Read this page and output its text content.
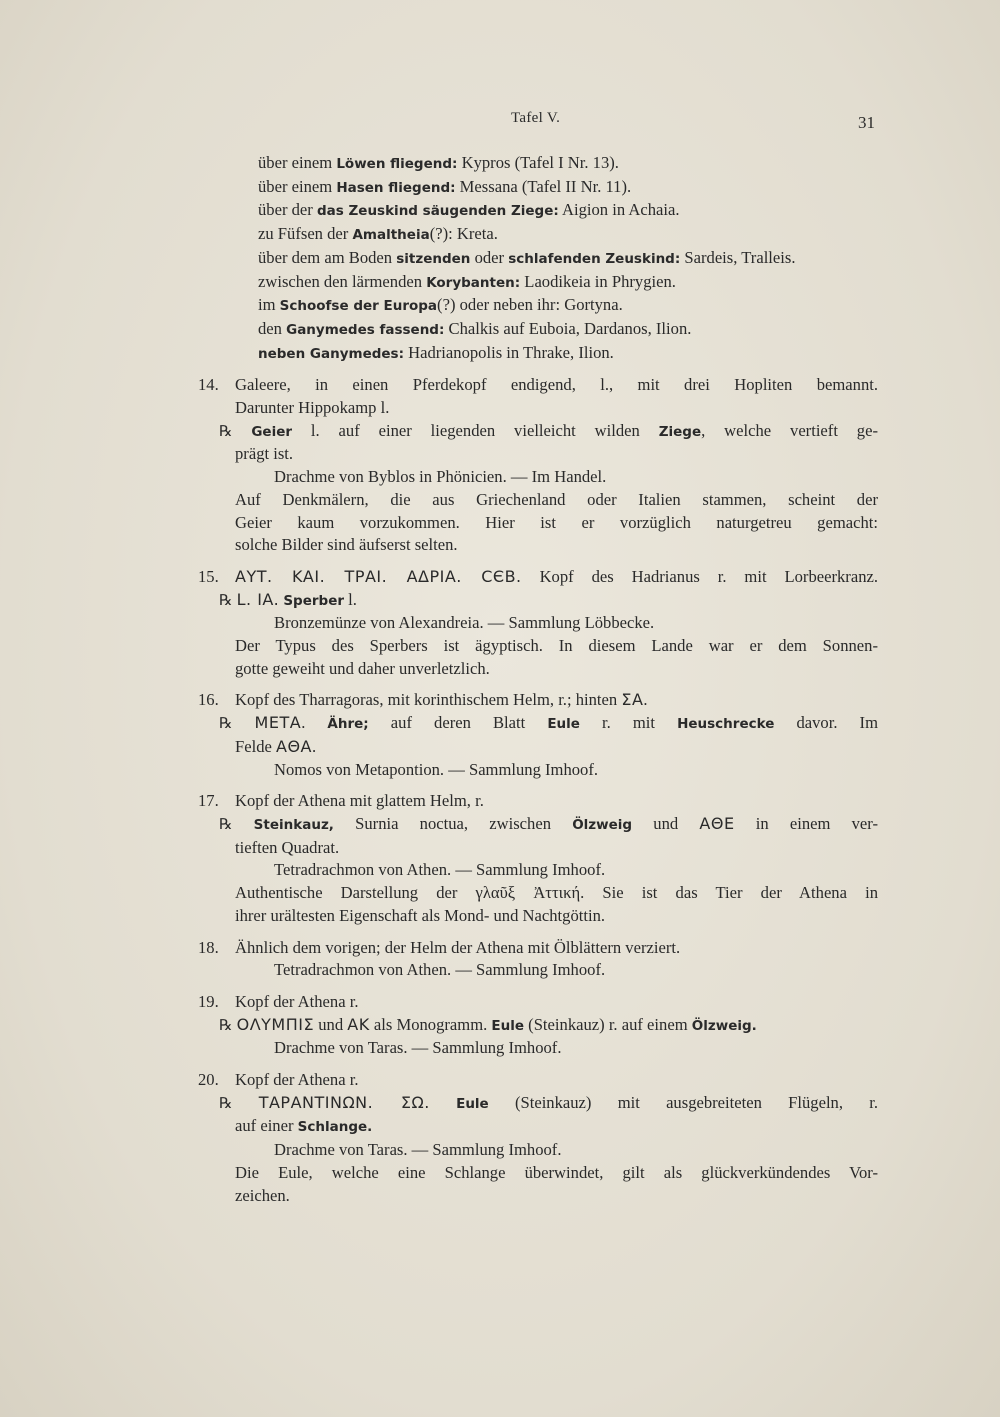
Tafel V.	31
über einem Löwen fliegend: Kypros (Tafel I Nr. 13).
über einem Hasen fliegend: Messana (Tafel II Nr. 11).
über der das Zeuskind säugenden Ziege: Aigion in Achaia.
zu Füfsen der Amaltheia(?): Kreta.
über dem am Boden sitzenden oder schlafenden Zeuskind: Sardeis, Tralleis.
zwischen den lärmenden Korybanten: Laodikeia in Phrygien.
im Schoofse der Europa(?) oder neben ihr: Gortyna.
den Ganymedes fassend: Chalkis auf Euboia, Dardanos, Ilion.
neben Ganymedes: Hadrianopolis in Thrake, Ilion.
14. Galeere, in einen Pferdekopf endigend, l., mit drei Hopliten bemannt.
Darunter Hippokamp l.
℞ Geier l. auf einer liegenden vielleicht wilden Ziege, welche vertieft ge-
prägt ist.
Drachme von Byblos in Phönicien. — Im Handel.
Auf Denkmälern, die aus Griechenland oder Italien stammen, scheint der
Geier kaum vorzukommen. Hier ist er vorzüglich naturgetreu gemacht:
solche Bilder sind äufserst selten.
15. ΑΥΤ. ΚΑΙ. ΤΡΑΙ. ΑΔΡΙΑ. CЄB. Kopf des Hadrianus r. mit Lorbeerkranz.
℞ L. IA. Sperber l.
Bronzemünze von Alexandreia. — Sammlung Löbbecke.
Der Typus des Sperbers ist ägyptisch. In diesem Lande war er dem Sonnen-
gotte geweiht und daher unverletzlich.
16. Kopf des Tharragoras, mit korinthischem Helm, r.; hinten ΣΑ.
℞ ΜΕΤΑ. Ähre; auf deren Blatt Eule r. mit Heuschrecke davor. Im
Felde ΑΘΑ.
Nomos von Metapontion. — Sammlung Imhoof.
17. Kopf der Athena mit glattem Helm, r.
℞ Steinkauz, Surnia noctua, zwischen Ölzweig und ΑΘΕ in einem ver-
tieften Quadrat.
Tetradrachmon von Athen. — Sammlung Imhoof.
Authentische Darstellung der γλαῦξ Ἀττική. Sie ist das Tier der Athena in
ihrer urältesten Eigenschaft als Mond- und Nachtgöttin.
18. Ähnlich dem vorigen; der Helm der Athena mit Ölblättern verziert.
Tetradrachmon von Athen. — Sammlung Imhoof.
19. Kopf der Athena r.
℞ ΟΛΥΜΠΙΣ und ΑΚ als Monogramm. Eule (Steinkauz) r. auf einem Ölzweig.
Drachme von Taras. — Sammlung Imhoof.
20. Kopf der Athena r.
℞ ΤΑΡΑΝΤΙΝΩΝ. ΣΩ. Eule (Steinkauz) mit ausgebreiteten Flügeln, r.
auf einer Schlange.
Drachme von Taras. — Sammlung Imhoof.
Die Eule, welche eine Schlange überwindet, gilt als glückverkündendes Vor-
zeichen.
